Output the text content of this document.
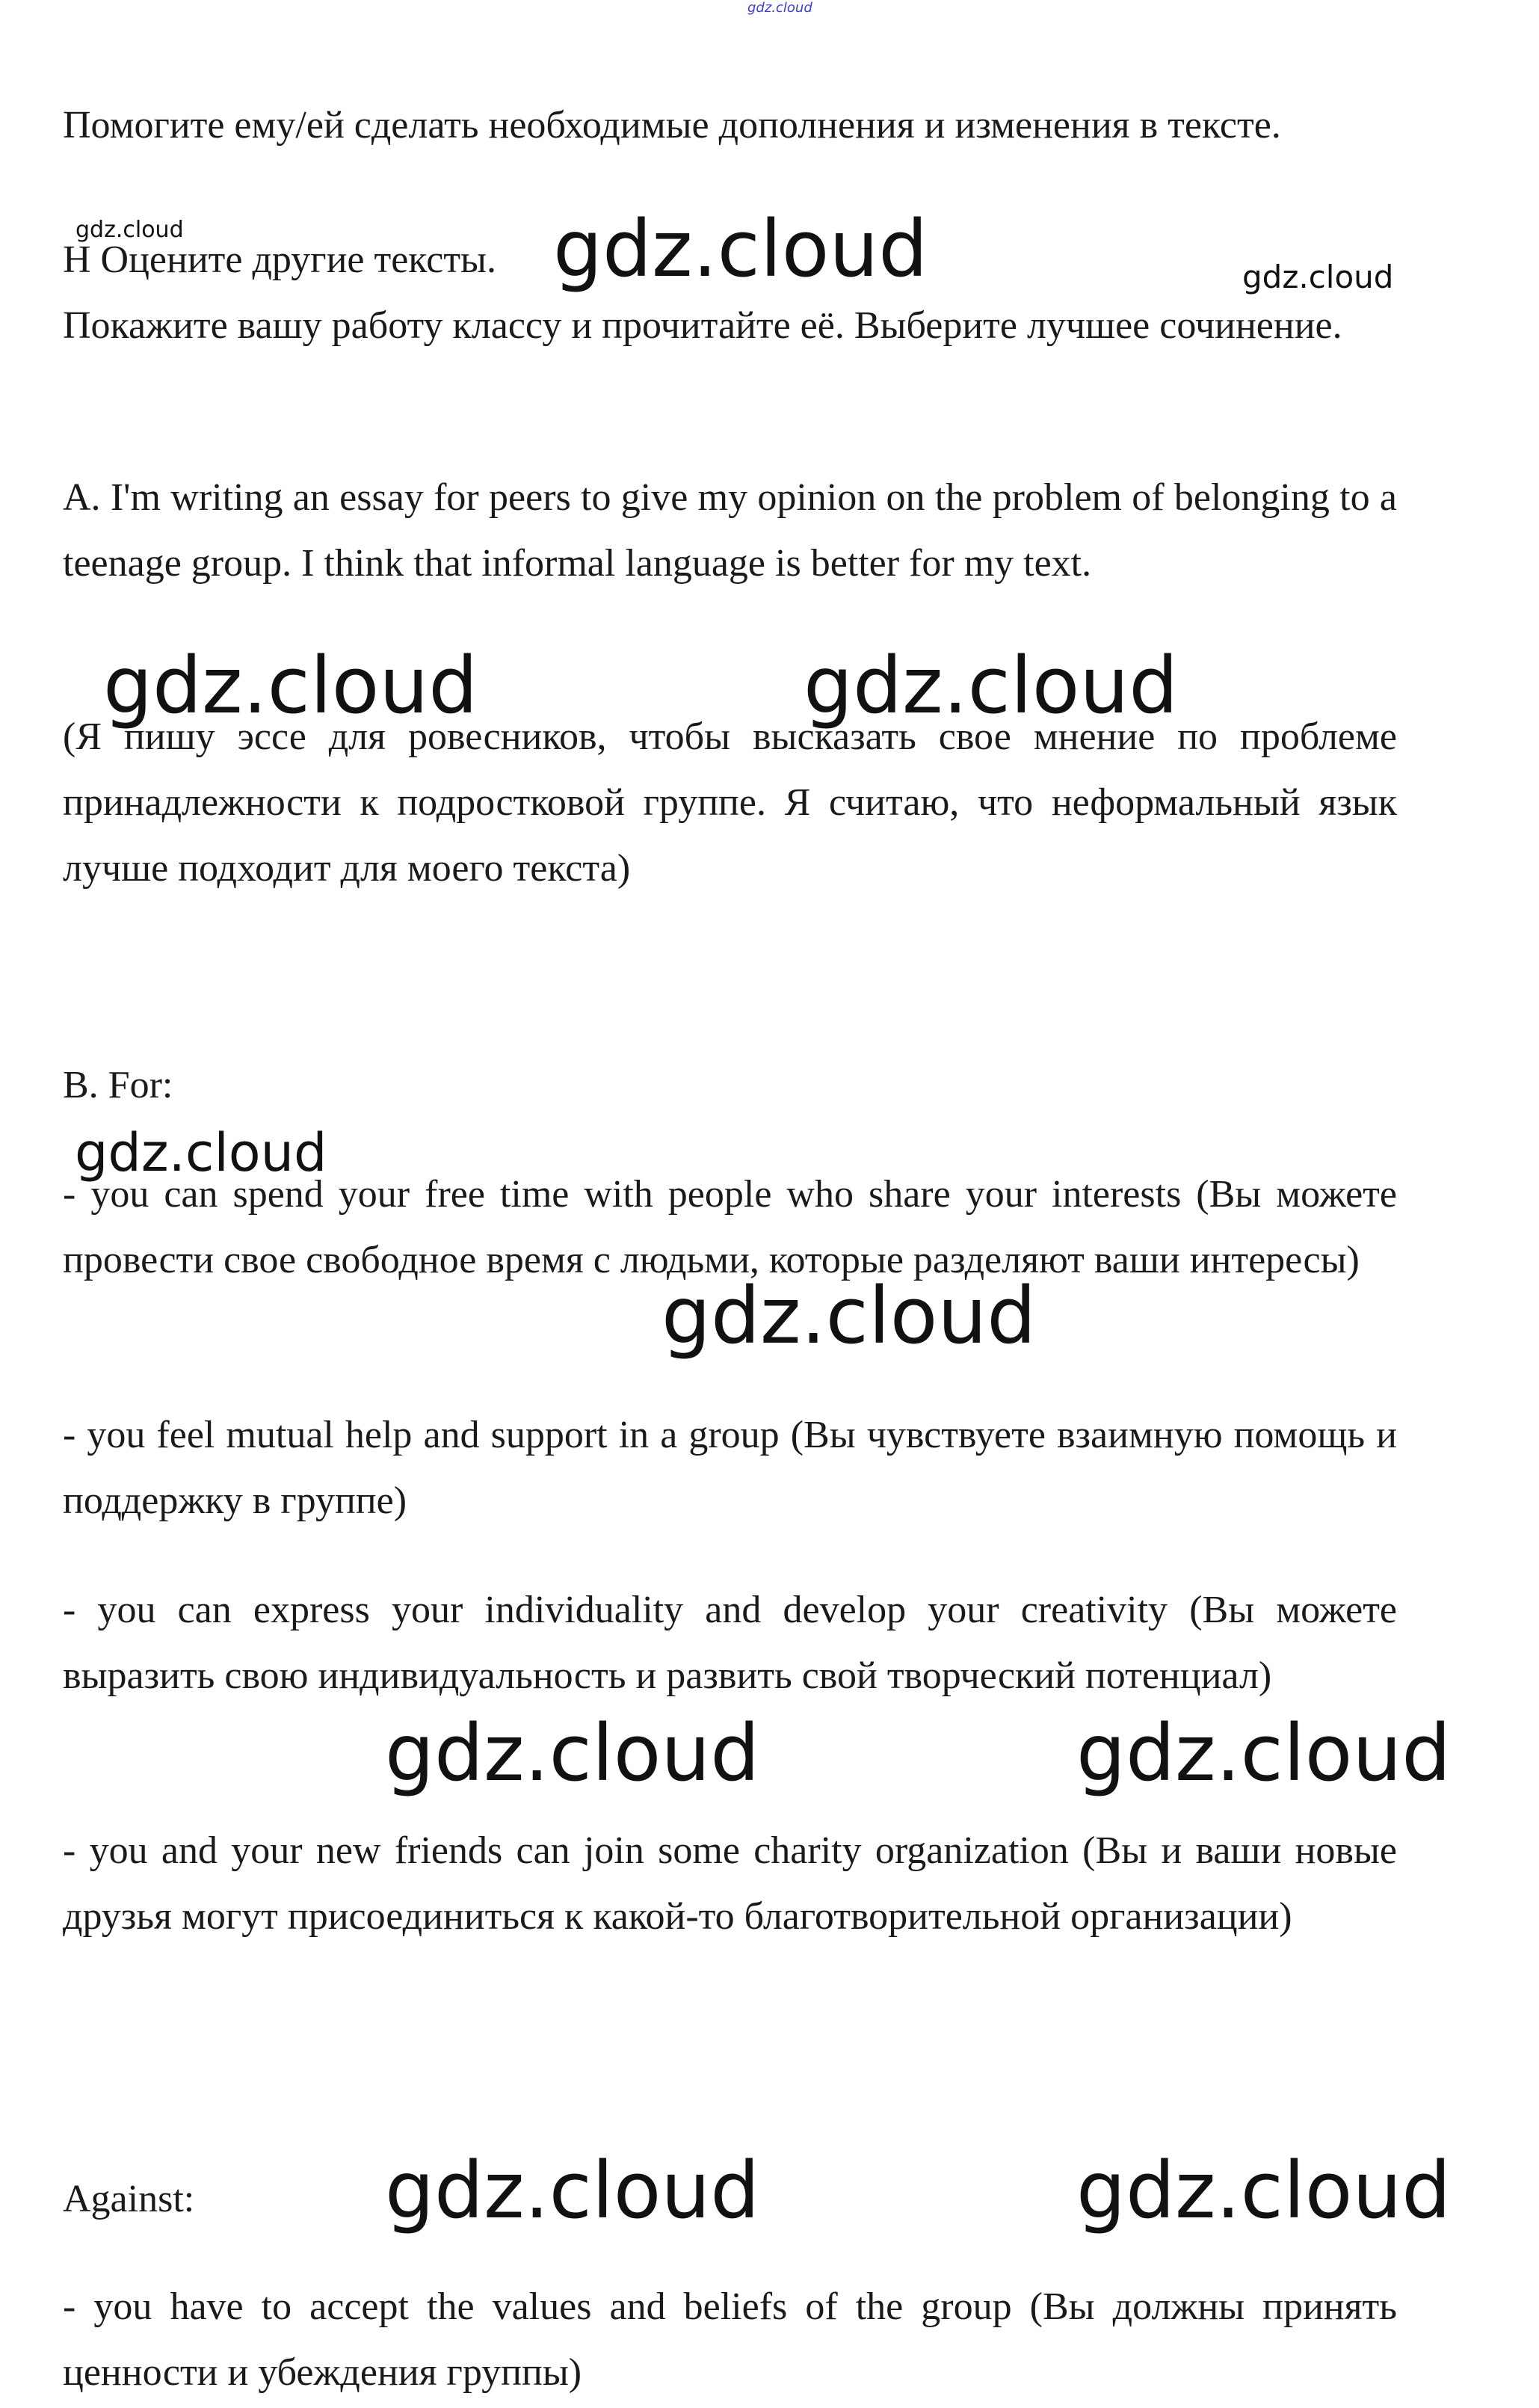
gdz.cloud

Помогите ему/ей сделать необходимые дополнения и изменения в тексте.

gdz.cloud

H Оцените другие тексты. gdz.cloud	gdz.cloud

Покажите вашу работу классу и прочитайте её. Выберите лучшее сочинение.

A. I'm writing an essay for peers to give my opinion on the problem of belonging to a teenage group. I think that informal language is better for my text.

gdz.cloud	gdz.cloud

(Я пишу эссе для ровесников, чтобы высказать свое мнение по проблеме принадлежности к подростковой группе. Я считаю, что неформальный язык лучше подходит для моего текста)

B. For:

gdz.cloud

- you can spend your free time with people who share your interests (Вы можете провести свое свободное время с людьми, которые разделяют ваши интересы)

gdz.cloud

- you feel mutual help and support in a group (Вы чувствуете взаимную помощь и поддержку в группе)

- you can express your individuality and develop your creativity (Вы можете выразить свою индивидуальность и развить свой творческий потенциал)

gdz.cloud	gdz.cloud

- you and your new friends can join some charity organization (Вы и ваши новые друзья могут присоединиться к какой-то благотворительной организации)

Against:	gdz.cloud	gdz.cloud

- you have to accept the values and beliefs of the group (Вы должны принять ценности и убеждения группы)
